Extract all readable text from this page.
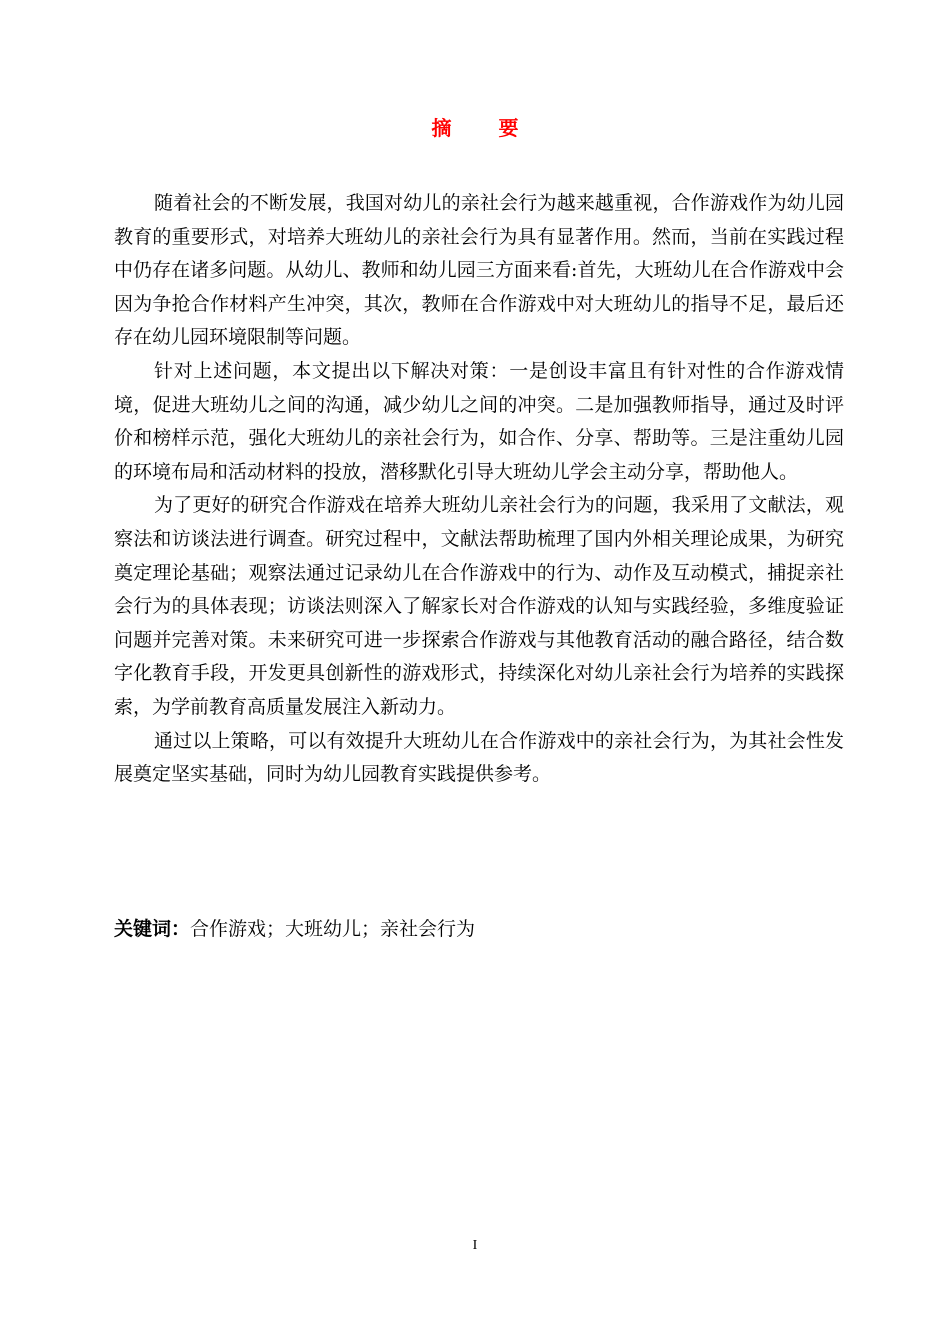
摘 要

随着社会的不断发展，我国对幼儿的亲社会行为越来越重视，合作游戏作为幼儿园教育的重要形式，对培养大班幼儿的亲社会行为具有显著作用。然而，当前在实践过程中仍存在诸多问题。从幼儿、教师和幼儿园三方面来看:首先，大班幼儿在合作游戏中会因为争抢合作材料产生冲突，其次，教师在合作游戏中对大班幼儿的指导不足，最后还存在幼儿园环境限制等问题。

针对上述问题，本文提出以下解决对策：一是创设丰富且有针对性的合作游戏情境，促进大班幼儿之间的沟通，减少幼儿之间的冲突。二是加强教师指导，通过及时评价和榜样示范，强化大班幼儿的亲社会行为，如合作、分享、帮助等。三是注重幼儿园的环境布局和活动材料的投放，潜移默化引导大班幼儿学会主动分享，帮助他人。

为了更好的研究合作游戏在培养大班幼儿亲社会行为的问题，我采用了文献法，观察法和访谈法进行调查。研究过程中，文献法帮助梳理了国内外相关理论成果，为研究奠定理论基础；观察法通过记录幼儿在合作游戏中的行为、动作及互动模式，捕捉亲社会行为的具体表现；访谈法则深入了解家长对合作游戏的认知与实践经验，多维度验证问题并完善对策。未来研究可进一步探索合作游戏与其他教育活动的融合路径，结合数字化教育手段，开发更具创新性的游戏形式，持续深化对幼儿亲社会行为培养的实践探索，为学前教育高质量发展注入新动力。

通过以上策略，可以有效提升大班幼儿在合作游戏中的亲社会行为，为其社会性发展奠定坚实基础，同时为幼儿园教育实践提供参考。

关键词：合作游戏；大班幼儿；亲社会行为
I
